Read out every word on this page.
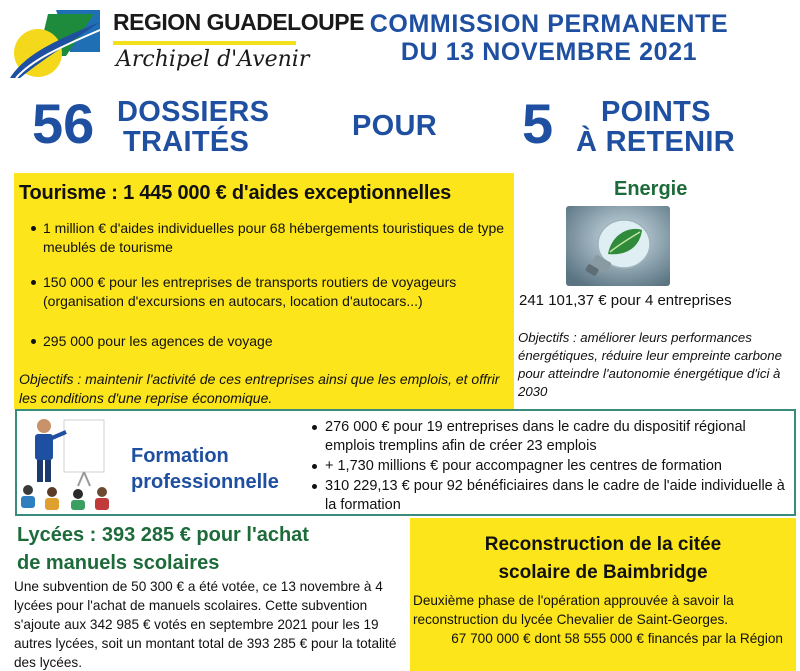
REGION GUADELOUPE
Archipel d'Avenir
COMMISSION PERMANENTE
DU 13 NOVEMBRE 2021
56 DOSSIERS
TRAITÉS	POUR 5 POINTS
À RETENIR
Tourisme : 1 445 000 € d'aides exceptionnelles
1 million € d'aides individuelles pour 68 hébergements touristiques de type meublés de tourisme
150 000 € pour les entreprises de transports routiers de voyageurs (organisation d'excursions en autocars, location d'autocars...)
295 000 pour les agences de voyage
Objectifs : maintenir l'activité de ces entreprises ainsi que les emplois, et offrir les conditions d'une reprise économique.
Energie
241 101,37 € pour 4 entreprises
Objectifs : améliorer leurs performances énergétiques, réduire leur empreinte carbone pour atteindre l'autonomie énergétique d'ici à 2030
Formation
professionnelle
276 000 € pour 19 entreprises dans le cadre du dispositif régional emplois tremplins afin de créer 23 emplois
+ 1,730 millions € pour accompagner les centres de formation
310 229,13 € pour 92 bénéficiaires dans le cadre de l'aide individuelle à la formation
Lycées : 393 285 € pour l'achat
de manuels scolaires
Une subvention de 50 300 € a été votée, ce 13 novembre à 4 lycées pour l'achat de manuels scolaires. Cette subvention s'ajoute aux 342 985 € votés en septembre 2021 pour les 19 autres lycées, soit un montant total de 393 285 € pour la totalité des lycées.
Reconstruction de la citée
scolaire de Baimbridge
Deuxième phase de l'opération approuvée à savoir la reconstruction du lycée Chevalier de Saint-Georges.
67 700 000 € dont 58 555 000 € financés par la Région
